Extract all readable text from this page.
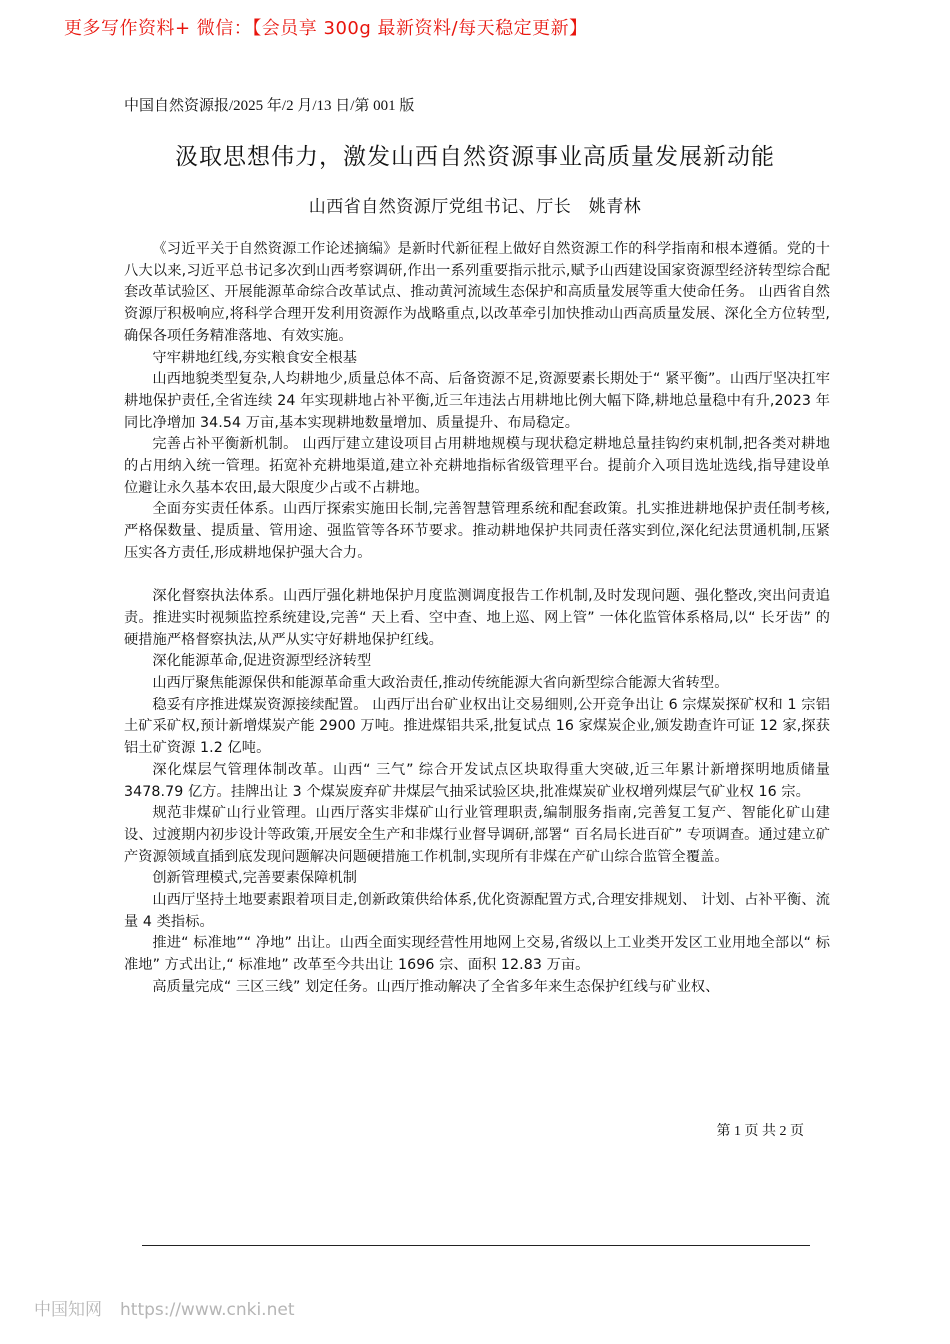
更多写作资料+ 微信：【会员享 300g 最新资料/每天稳定更新】
中国自然资源报/2025 年/2 月/13 日/第 001 版
汲取思想伟力，激发山西自然资源事业高质量发展新动能
山西省自然资源厅党组书记、厅长　姚青林

《习近平关于自然资源工作论述摘编》是新时代新征程上做好自然资源工作的科学指南和根本遵循。党的十八大以来,习近平总书记多次到山西考察调研,作出一系列重要指示批示,赋予山西建设国家资源型经济转型综合配套改革试验区、开展能源革命综合改革试点、推动黄河流域生态保护和高质量发展等重大使命任务。 山西省自然资源厅积极响应,将科学合理开发利用资源作为战略重点,以改革牵引加快推动山西高质量发展、深化全方位转型,确保各项任务精准落地、有效实施。

守牢耕地红线,夯实粮食安全根基

山西地貌类型复杂,人均耕地少,质量总体不高、后备资源不足,资源要素长期处于“ 紧平衡”。山西厅坚决扛牢耕地保护责任,全省连续 24 年实现耕地占补平衡,近三年违法占用耕地比例大幅下降,耕地总量稳中有升,2023 年同比净增加 34.54 万亩,基本实现耕地数量增加、质量提升、布局稳定。

完善占补平衡新机制。 山西厅建立建设项目占用耕地规模与现状稳定耕地总量挂钩约束机制,把各类对耕地的占用纳入统一管理。拓宽补充耕地渠道,建立补充耕地指标省级管理平台。提前介入项目选址选线,指导建设单位避让永久基本农田,最大限度少占或不占耕地。

全面夯实责任体系。山西厅探索实施田长制,完善智慧管理系统和配套政策。扎实推进耕地保护责任制考核,严格保数量、提质量、管用途、强监管等各环节要求。推动耕地保护共同责任落实到位,深化纪法贯通机制,压紧压实各方责任,形成耕地保护强大合力。

深化督察执法体系。山西厅强化耕地保护月度监测调度报告工作机制,及时发现问题、强化整改,突出问责追责。推进实时视频监控系统建设,完善“ 天上看、空中查、地上巡、网上管” 一体化监管体系格局,以“ 长牙齿” 的硬措施严格督察执法,从严从实守好耕地保护红线。

深化能源革命,促进资源型经济转型

山西厅聚焦能源保供和能源革命重大政治责任,推动传统能源大省向新型综合能源大省转型。

稳妥有序推进煤炭资源接续配置。 山西厅出台矿业权出让交易细则,公开竞争出让 6 宗煤炭探矿权和 1 宗铝土矿采矿权,预计新增煤炭产能 2900 万吨。推进煤铝共采,批复试点 16 家煤炭企业,颁发勘查许可证 12 家,探获铝土矿资源 1.2 亿吨。

深化煤层气管理体制改革。山西“ 三气” 综合开发试点区块取得重大突破,近三年累计新增探明地质储量 3478.79 亿方。挂牌出让 3 个煤炭废弃矿井煤层气抽采试验区块,批准煤炭矿业权增列煤层气矿业权 16 宗。

规范非煤矿山行业管理。山西厅落实非煤矿山行业管理职责,编制服务指南,完善复工复产、智能化矿山建设、过渡期内初步设计等政策,开展安全生产和非煤行业督导调研,部署“ 百名局长进百矿” 专项调查。通过建立矿产资源领域直插到底发现问题解决问题硬措施工作机制,实现所有非煤在产矿山综合监管全覆盖。

创新管理模式,完善要素保障机制

山西厅坚持土地要素跟着项目走,创新政策供给体系,优化资源配置方式,合理安排规划、 计划、占补平衡、流量 4 类指标。

推进“ 标准地”“ 净地” 出让。山西全面实现经营性用地网上交易,省级以上工业类开发区工业用地全部以“ 标准地” 方式出让,“ 标准地” 改革至今共出让 1696 宗、面积 12.83 万亩。

高质量完成“ 三区三线” 划定任务。山西厅推动解决了全省多年来生态保护红线与矿业权、

第 1 页 共 2 页
中国知网 https://www.cnki.net
